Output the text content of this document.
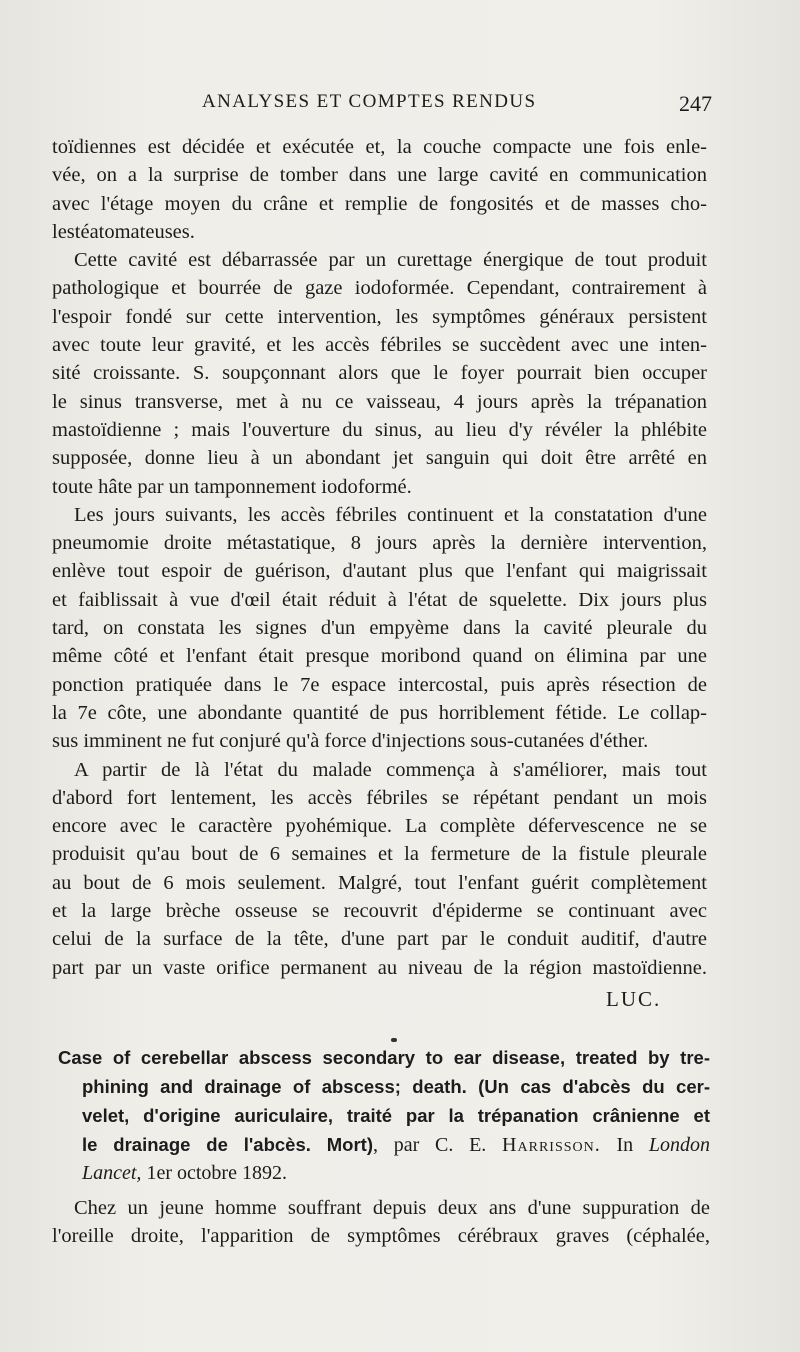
ANALYSES ET COMPTES RENDUS	247
toïdiennes est décidée et exécutée et, la couche compacte une fois enle-
vée, on a la surprise de tomber dans une large cavité en communication
avec l'étage moyen du crâne et remplie de fongosités et de masses cho-
lestéatomateuses.
Cette cavité est débarrassée par un curettage énergique de tout produit
pathologique et bourrée de gaze iodoformée. Cependant, contrairement à
l'espoir fondé sur cette intervention, les symptômes généraux persistent
avec toute leur gravité, et les accès fébriles se succèdent avec une inten-
sité croissante. S. soupçonnant alors que le foyer pourrait bien occuper
le sinus transverse, met à nu ce vaisseau, 4 jours après la trépanation
mastoïdienne ; mais l'ouverture du sinus, au lieu d'y révéler la phlébite
supposée, donne lieu à un abondant jet sanguin qui doit être arrêté en
toute hâte par un tamponnement iodoformé.
Les jours suivants, les accès fébriles continuent et la constatation d'une
pneumomie droite métastatique, 8 jours après la dernière intervention,
enlève tout espoir de guérison, d'autant plus que l'enfant qui maigrissait
et faiblissait à vue d'œil était réduit à l'état de squelette. Dix jours plus
tard, on constata les signes d'un empyème dans la cavité pleurale du
même côté et l'enfant était presque moribond quand on élimina par une
ponction pratiquée dans le 7e espace intercostal, puis après résection de
la 7e côte, une abondante quantité de pus horriblement fétide. Le collap-
sus imminent ne fut conjuré qu'à force d'injections sous-cutanées d'éther.
A partir de là l'état du malade commença à s'améliorer, mais tout
d'abord fort lentement, les accès fébriles se répétant pendant un mois
encore avec le caractère pyohémique. La complète défervescence ne se
produisit qu'au bout de 6 semaines et la fermeture de la fistule pleurale
au bout de 6 mois seulement. Malgré, tout l'enfant guérit complètement
et la large brèche osseuse se recouvrit d'épiderme se continuant avec
celui de la surface de la tête, d'une part par le conduit auditif, d'autre
part par un vaste orifice permanent au niveau de la région mastoïdienne.
LUC.
Case of cerebellar abscess secondary to ear disease, treated by tre-
phining and drainage of abscess; death. (Un cas d'abcès du cer-
velet, d'origine auriculaire, traité par la trépanation crânienne et
le drainage de l'abcès. Mort), par C. E. Harrisson. In London
Lancet, 1er octobre 1892.
Chez un jeune homme souffrant depuis deux ans d'une suppuration de
l'oreille droite, l'apparition de symptômes cérébraux graves (céphalée,
